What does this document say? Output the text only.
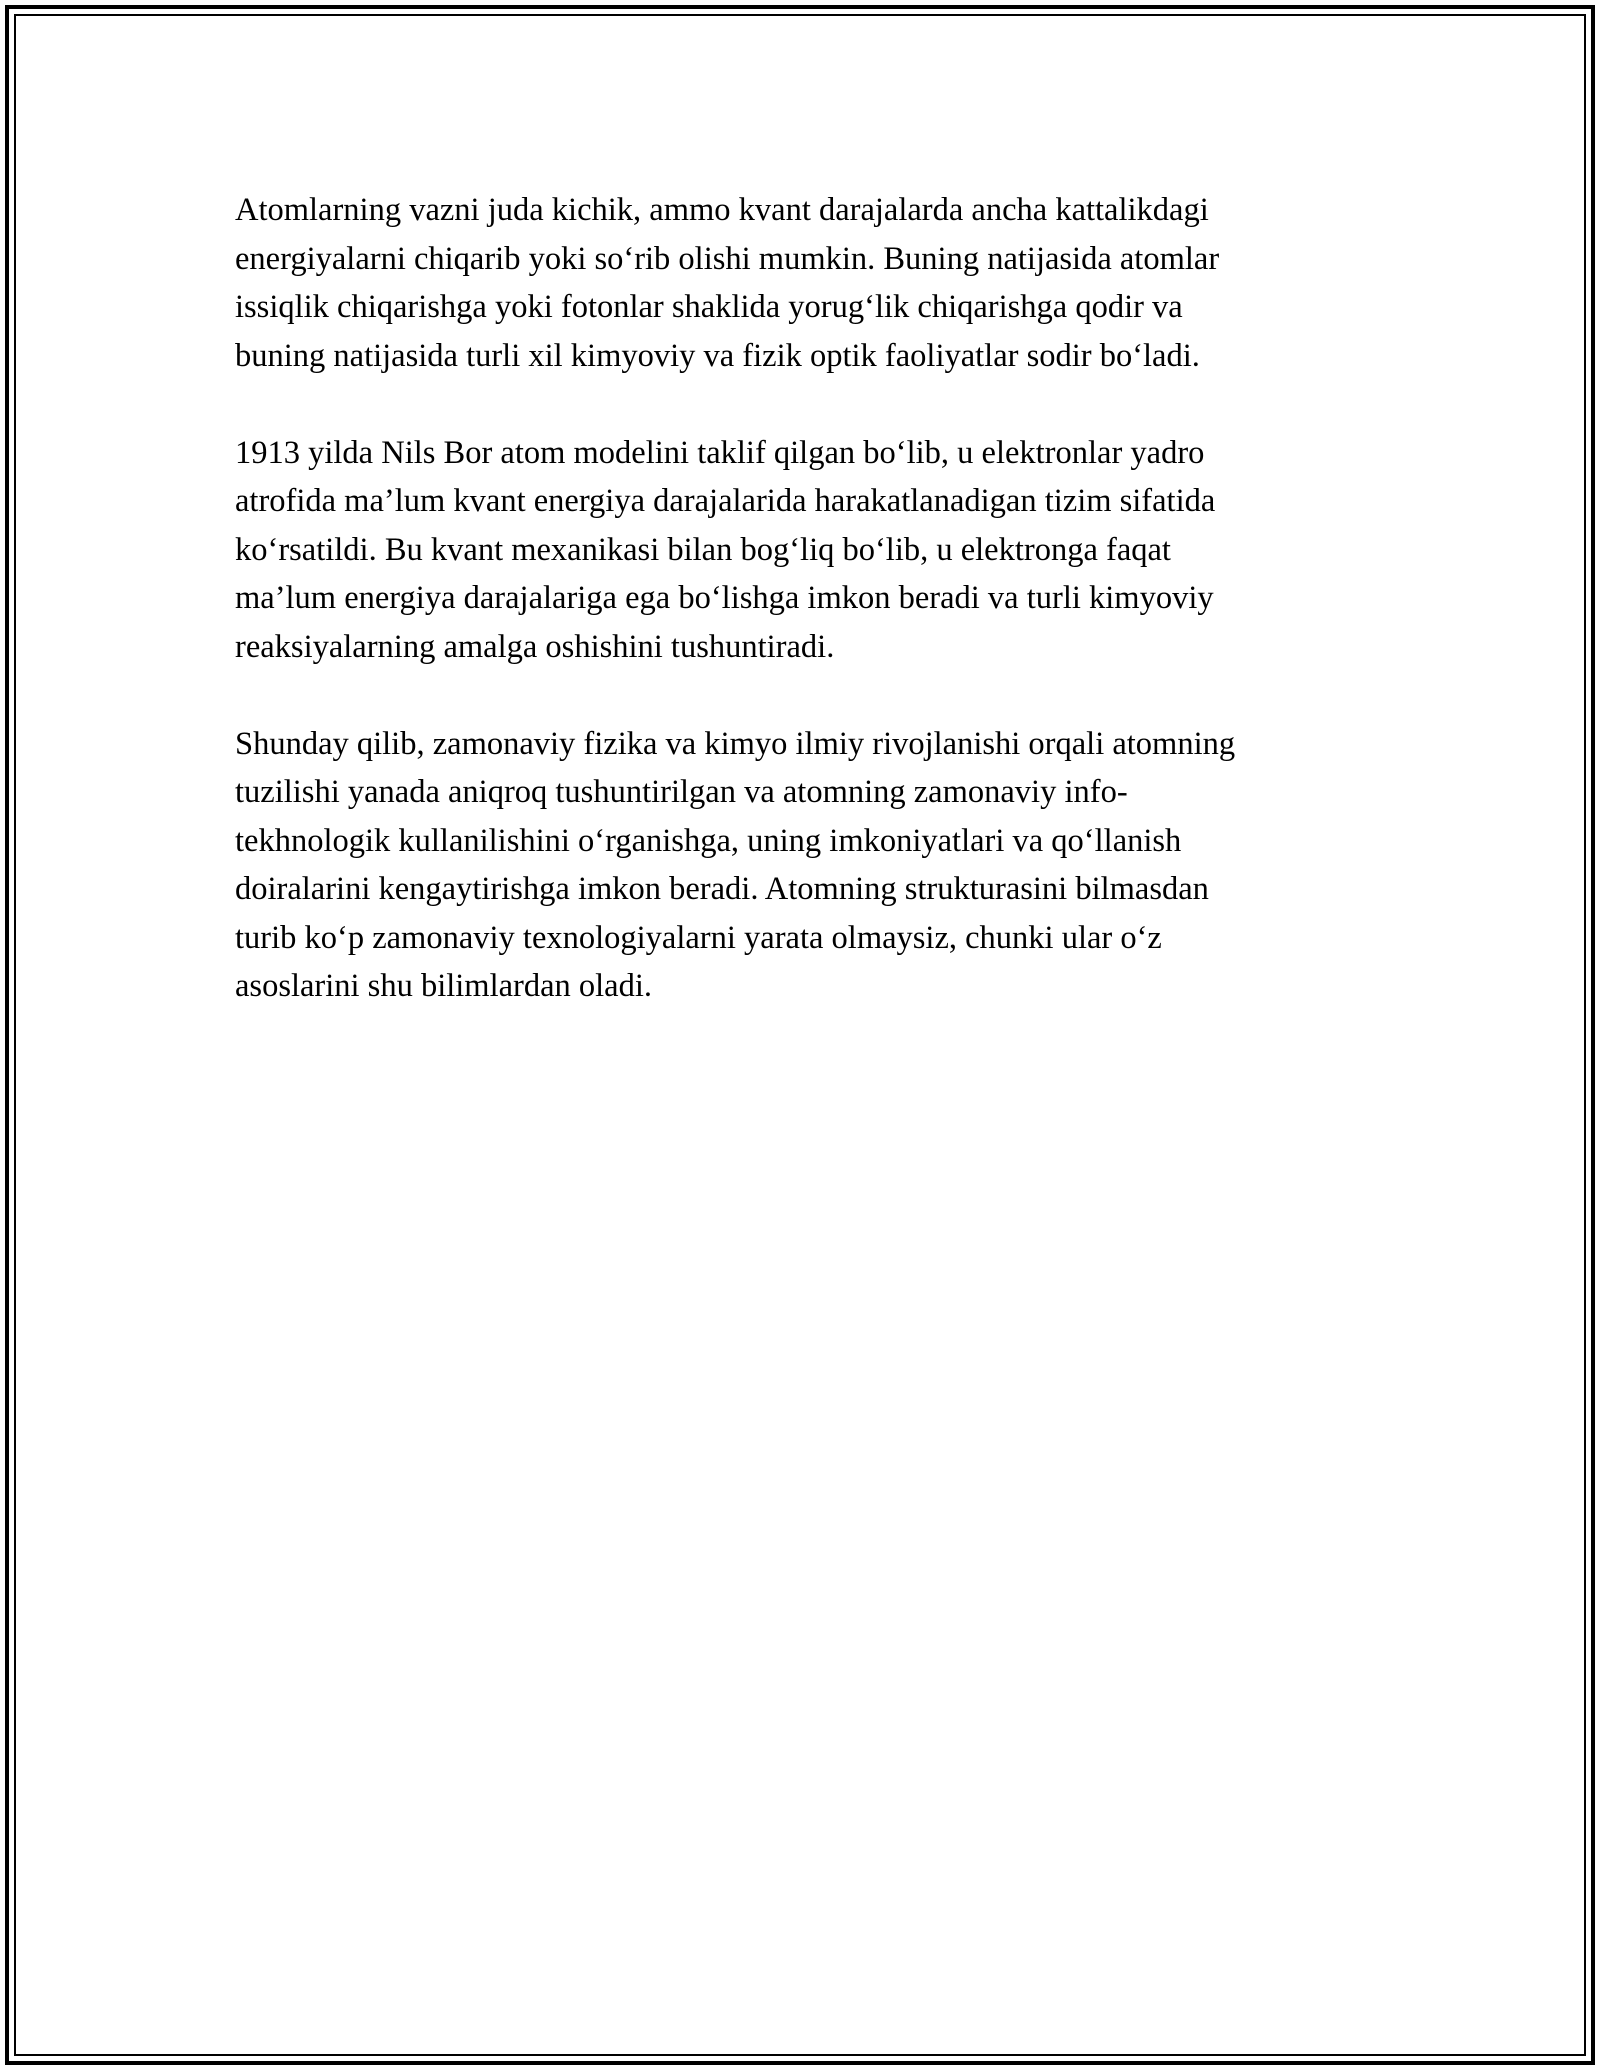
Atomlarning vazni juda kichik, ammo kvant darajalarda ancha kattalikdagi
energiyalarni chiqarib yoki so‘rib olishi mumkin. Buning natijasida atomlar
issiqlik chiqarishga yoki fotonlar shaklida yorug‘lik chiqarishga qodir va
buning natijasida turli xil kimyoviy va fizik optik faoliyatlar sodir bo‘ladi.

1913 yilda Nils Bor atom modelini taklif qilgan bo‘lib, u elektronlar yadro
atrofida ma’lum kvant energiya darajalarida harakatlanadigan tizim sifatida
ko‘rsatildi. Bu kvant mexanikasi bilan bog‘liq bo‘lib, u elektronga faqat
ma’lum energiya darajalariga ega bo‘lishga imkon beradi va turli kimyoviy
reaksiyalarning amalga oshishini tushuntiradi.

Shunday qilib, zamonaviy fizika va kimyo ilmiy rivojlanishi orqali atomning
tuzilishi yanada aniqroq tushuntirilgan va atomning zamonaviy info-
tekhnologik kullanilishini o‘rganishga, uning imkoniyatlari va qo‘llanish
doiralarini kengaytirishga imkon beradi. Atomning strukturasini bilmasdan
turib ko‘p zamonaviy texnologiyalarni yarata olmaysiz, chunki ular o‘z
asoslarini shu bilimlardan oladi.
